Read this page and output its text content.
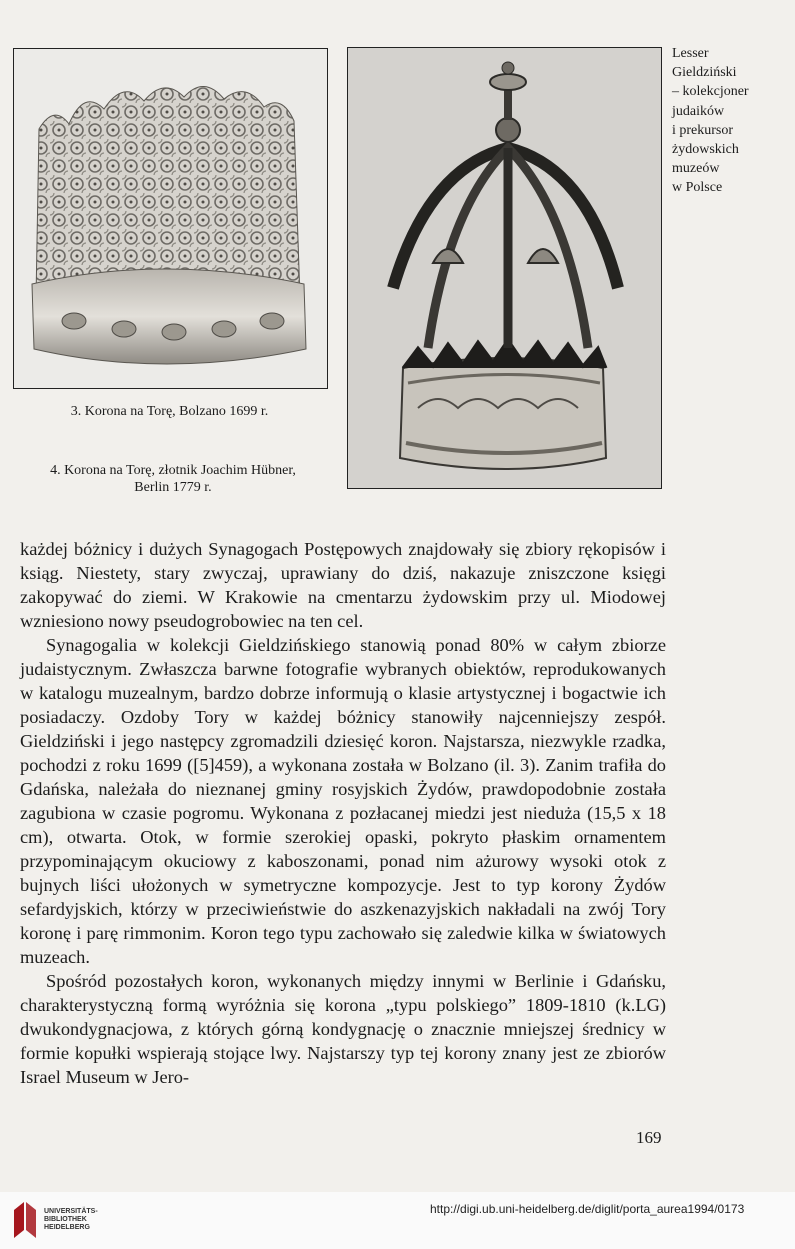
3. Korona na Torę, Bolzano 1699 r.
4. Korona na Torę, złotnik Joachim Hübner,
Berlin 1779 r.
Lesser
Gieldziński
– kolekcjoner
judaików
i prekursor
żydowskich
muzeów
w Polsce

każdej bóżnicy i dużych Synagogach Postępowych znajdowały się zbiory rękopisów i ksiąg. Niestety, stary zwyczaj, uprawiany do dziś, nakazuje zniszczone księgi zakopywać do ziemi. W Krakowie na cmentarzu żydowskim przy ul. Miodowej wzniesiono nowy pseudogrobowiec na ten cel.

Synagogalia w kolekcji Gieldzińskiego stanowią ponad 80% w całym zbiorze judaistycznym. Zwłaszcza barwne fotografie wybranych obiektów, reprodukowanych w katalogu muzealnym, bardzo dobrze informują o klasie artystycznej i bogactwie ich posiadaczy. Ozdoby Tory w każdej bóżnicy stanowiły najcenniejszy zespół. Gieldziński i jego następcy zgromadzili dziesięć koron. Najstarsza, niezwykle rzadka, pochodzi z roku 1699 ([5]459), a wykonana została w Bolzano (il. 3). Zanim trafiła do Gdańska, należała do nieznanej gminy rosyjskich Żydów, prawdopodobnie została zagubiona w czasie pogromu. Wykonana z pozłacanej miedzi jest nieduża (15,5 x 18 cm), otwarta. Otok, w formie szerokiej opaski, pokryto płaskim ornamentem przypominającym okuciowy z kaboszonami, ponad nim ażurowy wysoki otok z bujnych liści ułożonych w symetryczne kompozycje. Jest to typ korony Żydów sefardyjskich, którzy w przeciwieństwie do aszkenazyjskich nakładali na zwój Tory koronę i parę rimmonim. Koron tego typu zachowało się zaledwie kilka w światowych muzeach.

Spośród pozostałych koron, wykonanych między innymi w Berlinie i Gdańsku, charakterystyczną formą wyróżnia się korona „typu polskiego” 1809-1810 (k.LG) dwukondygnacjowa, z których górną kondygnację o znacznie mniejszej średnicy w formie kopułki wspierają stojące lwy. Najstarszy typ tej korony znany jest ze zbiorów Israel Museum w Jero-

169
UNIVERSITÄTS-
BIBLIOTHEK
HEIDELBERG
http://digi.ub.uni-heidelberg.de/diglit/porta_aurea1994/0173
